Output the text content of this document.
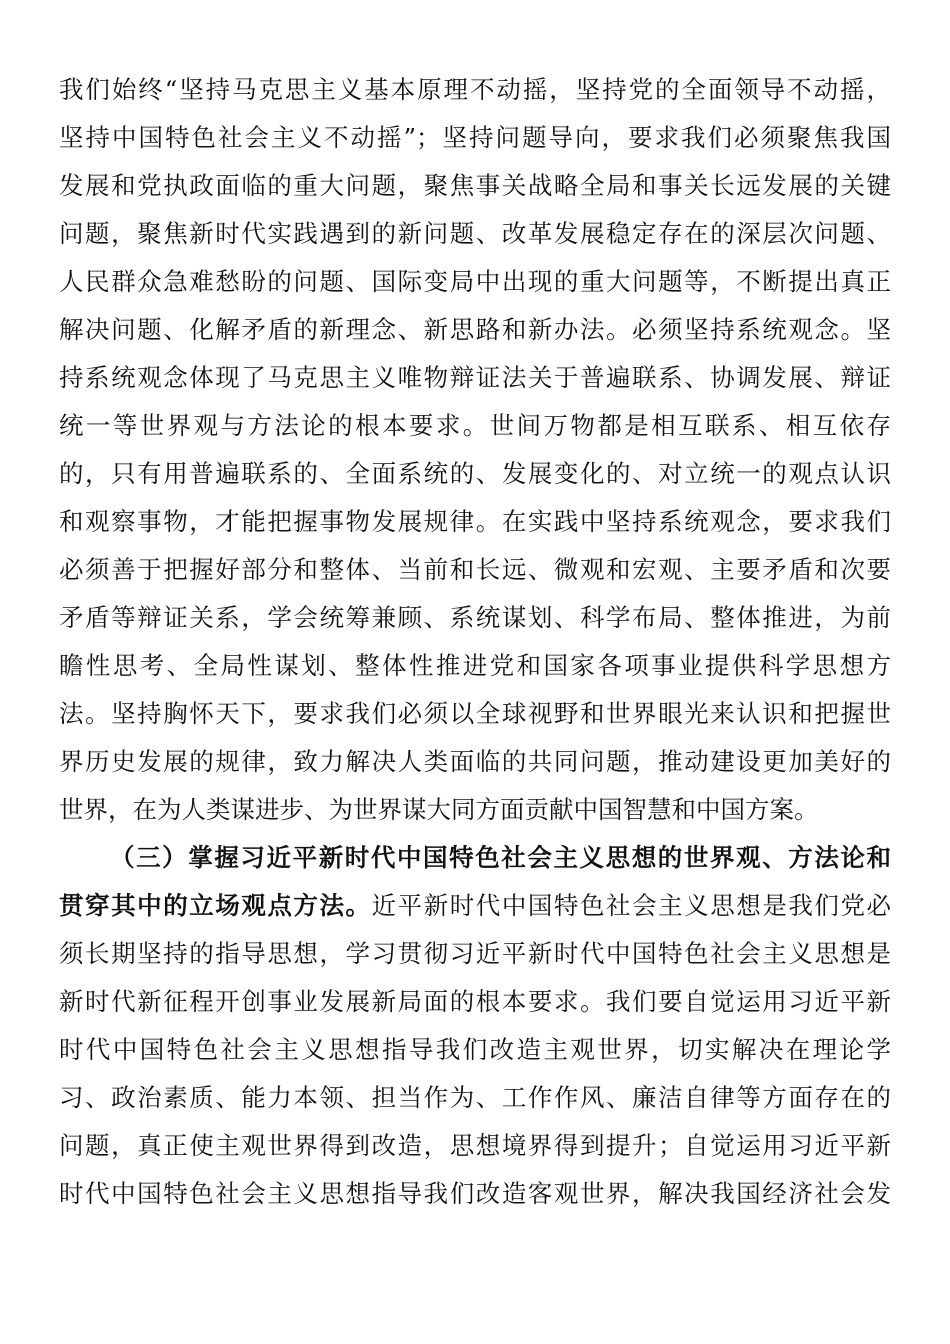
我们始终“坚持马克思主义基本原理不动摇，坚持党的全面领导不动摇，
坚持中国特色社会主义不动摇”；坚持问题导向，要求我们必须聚焦我国
发展和党执政面临的重大问题，聚焦事关战略全局和事关长远发展的关键
问题，聚焦新时代实践遇到的新问题、改革发展稳定存在的深层次问题、
人民群众急难愁盼的问题、国际变局中出现的重大问题等，不断提出真正
解决问题、化解矛盾的新理念、新思路和新办法。必须坚持系统观念。坚
持系统观念体现了马克思主义唯物辩证法关于普遍联系、协调发展、辩证
统一等世界观与方法论的根本要求。世间万物都是相互联系、相互依存
的，只有用普遍联系的、全面系统的、发展变化的、对立统一的观点认识
和观察事物，才能把握事物发展规律。在实践中坚持系统观念，要求我们
必须善于把握好部分和整体、当前和长远、微观和宏观、主要矛盾和次要
矛盾等辩证关系，学会统筹兼顾、系统谋划、科学布局、整体推进，为前
瞻性思考、全局性谋划、整体性推进党和国家各项事业提供科学思想方
法。坚持胸怀天下，要求我们必须以全球视野和世界眼光来认识和把握世
界历史发展的规律，致力解决人类面临的共同问题，推动建设更加美好的
世界，在为人类谋进步、为世界谋大同方面贡献中国智慧和中国方案。
（三）掌握习近平新时代中国特色社会主义思想的世界观、方法论和
贯穿其中的立场观点方法。近平新时代中国特色社会主义思想是我们党必
须长期坚持的指导思想，学习贯彻习近平新时代中国特色社会主义思想是
新时代新征程开创事业发展新局面的根本要求。我们要自觉运用习近平新
时代中国特色社会主义思想指导我们改造主观世界，切实解决在理论学
习、政治素质、能力本领、担当作为、工作作风、廉洁自律等方面存在的
问题，真正使主观世界得到改造，思想境界得到提升；自觉运用习近平新
时代中国特色社会主义思想指导我们改造客观世界，解决我国经济社会发
